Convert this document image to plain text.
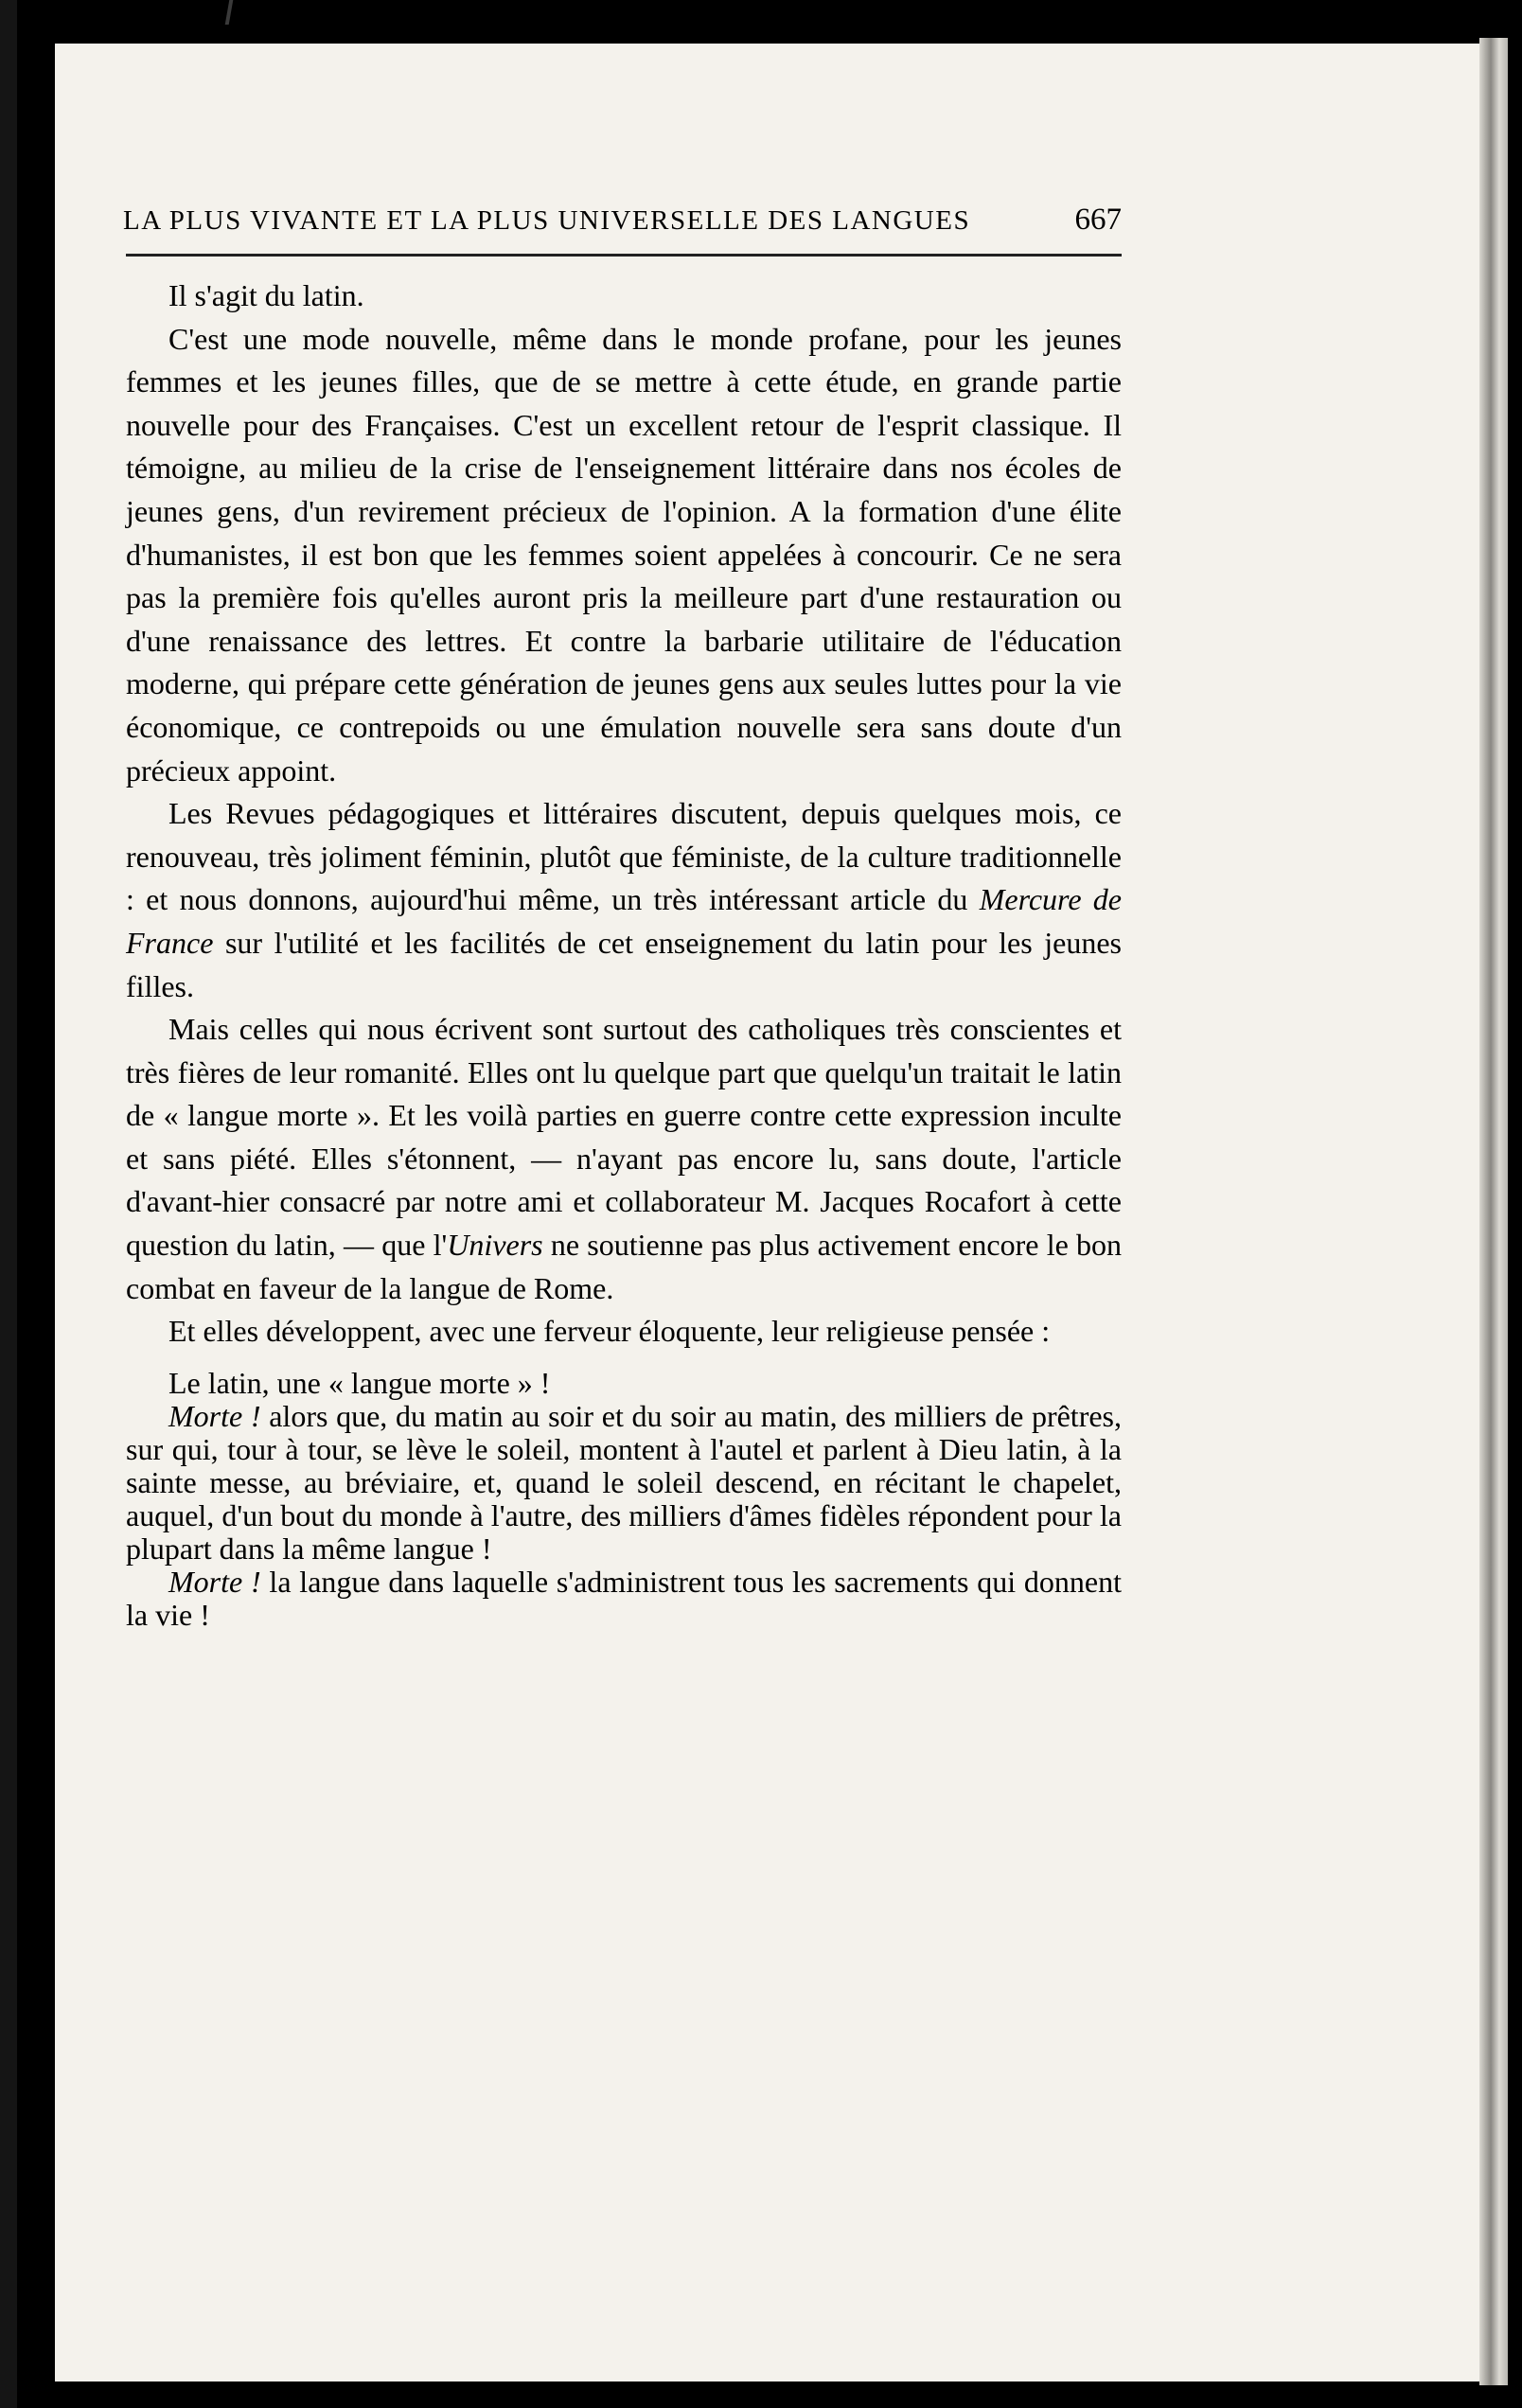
LA PLUS VIVANTE ET LA PLUS UNIVERSELLE DES LANGUES	667

Il s'agit du latin.

C'est une mode nouvelle, même dans le monde profane, pour les jeunes femmes et les jeunes filles, que de se mettre à cette étude, en grande partie nouvelle pour des Françaises. C'est un excellent retour de l'esprit classique. Il témoigne, au milieu de la crise de l'enseignement littéraire dans nos écoles de jeunes gens, d'un revirement précieux de l'opinion. A la formation d'une élite d'humanistes, il est bon que les femmes soient appelées à concourir. Ce ne sera pas la première fois qu'elles auront pris la meilleure part d'une restauration ou d'une renaissance des lettres. Et contre la barbarie utilitaire de l'éducation moderne, qui prépare cette génération de jeunes gens aux seules luttes pour la vie économique, ce contrepoids ou une émulation nouvelle sera sans doute d'un précieux appoint.

Les Revues pédagogiques et littéraires discutent, depuis quelques mois, ce renouveau, très joliment féminin, plutôt que féministe, de la culture traditionnelle : et nous donnons, aujourd'hui même, un très intéressant article du Mercure de France sur l'utilité et les facilités de cet enseignement du latin pour les jeunes filles.

Mais celles qui nous écrivent sont surtout des catholiques très conscientes et très fières de leur romanité. Elles ont lu quelque part que quelqu'un traitait le latin de « langue morte ». Et les voilà parties en guerre contre cette expression inculte et sans piété. Elles s'étonnent, — n'ayant pas encore lu, sans doute, l'article d'avant-hier consacré par notre ami et collaborateur M. Jacques Rocafort à cette question du latin, — que l'Univers ne soutienne pas plus activement encore le bon combat en faveur de la langue de Rome.

Et elles développent, avec une ferveur éloquente, leur religieuse pensée :

Le latin, une « langue morte » !

Morte ! alors que, du matin au soir et du soir au matin, des milliers de prêtres, sur qui, tour à tour, se lève le soleil, montent à l'autel et parlent à Dieu latin, à la sainte messe, au bréviaire, et, quand le soleil descend, en récitant le chapelet, auquel, d'un bout du monde à l'autre, des milliers d'âmes fidèles répondent pour la plupart dans la même langue !

Morte ! la langue dans laquelle s'administrent tous les sacrements qui donnent la vie !
